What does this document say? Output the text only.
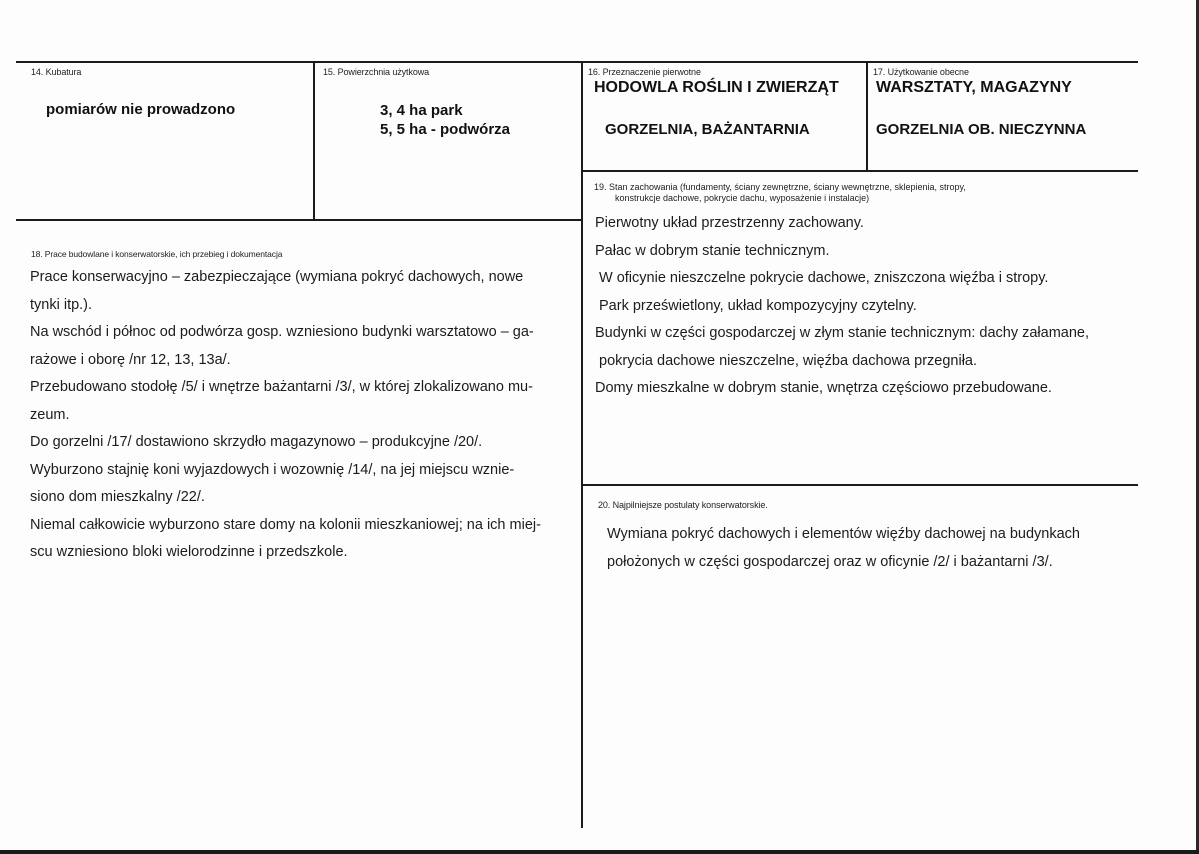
14. Kubatura
pomiarów nie prowadzono
15. Powierzchnia użytkowa
3, 4 ha park
5, 5 ha - podwórza
16. Przeznaczenie pierwotne
HODOWLA ROŚLIN I ZWIERZĄT
GORZELNIA, BAŻANTARNIA
17. Użytkowanie obecne
WARSZTATY, MAGAZYNY
GORZELNIA OB. NIECZYNNA
18. Prace budowlane i konserwatorskie, ich przebieg i dokumentacja
Prace konserwacyjno – zabezpieczające (wymiana pokryć dachowych, nowe
tynki itp.).
Na wschód i północ od podwórza gosp. wzniesiono budynki warsztatowo – ga-
rażowe i oborę /nr 12, 13, 13a/.
Przebudowano stodołę /5/ i wnętrze bażantarni /3/, w której zlokalizowano mu-
zeum.
Do gorzelni /17/ dostawiono skrzydło magazynowo – produkcyjne /20/.
Wyburzono stajnię koni wyjazdowych i wozownię /14/, na jej miejscu wznie-
siono dom mieszkalny /22/.
Niemal całkowicie wyburzono stare domy na kolonii mieszkaniowej; na ich miej-
scu wzniesiono bloki wielorodzinne i przedszkole.
19. Stan zachowania (fundamenty, ściany zewnętrzne, ściany wewnętrzne, sklepienia, stropy,
konstrukcje dachowe, pokrycie dachu, wyposażenie i instalacje)
Pierwotny układ przestrzenny zachowany.
Pałac w dobrym stanie technicznym.
W oficynie nieszczelne pokrycie dachowe, zniszczona więźba i stropy.
Park prześwietlony, układ kompozycyjny czytelny.
Budynki w części gospodarczej w złym stanie technicznym: dachy załamane,
pokrycia dachowe nieszczelne, więźba dachowa przegniła.
Domy mieszkalne w dobrym stanie, wnętrza częściowo przebudowane.
20. Najpilniejsze postulaty konserwatorskie.
Wymiana pokryć dachowych i elementów więźby dachowej na budynkach
położonych w części gospodarczej oraz w oficynie /2/ i bażantarni /3/.
